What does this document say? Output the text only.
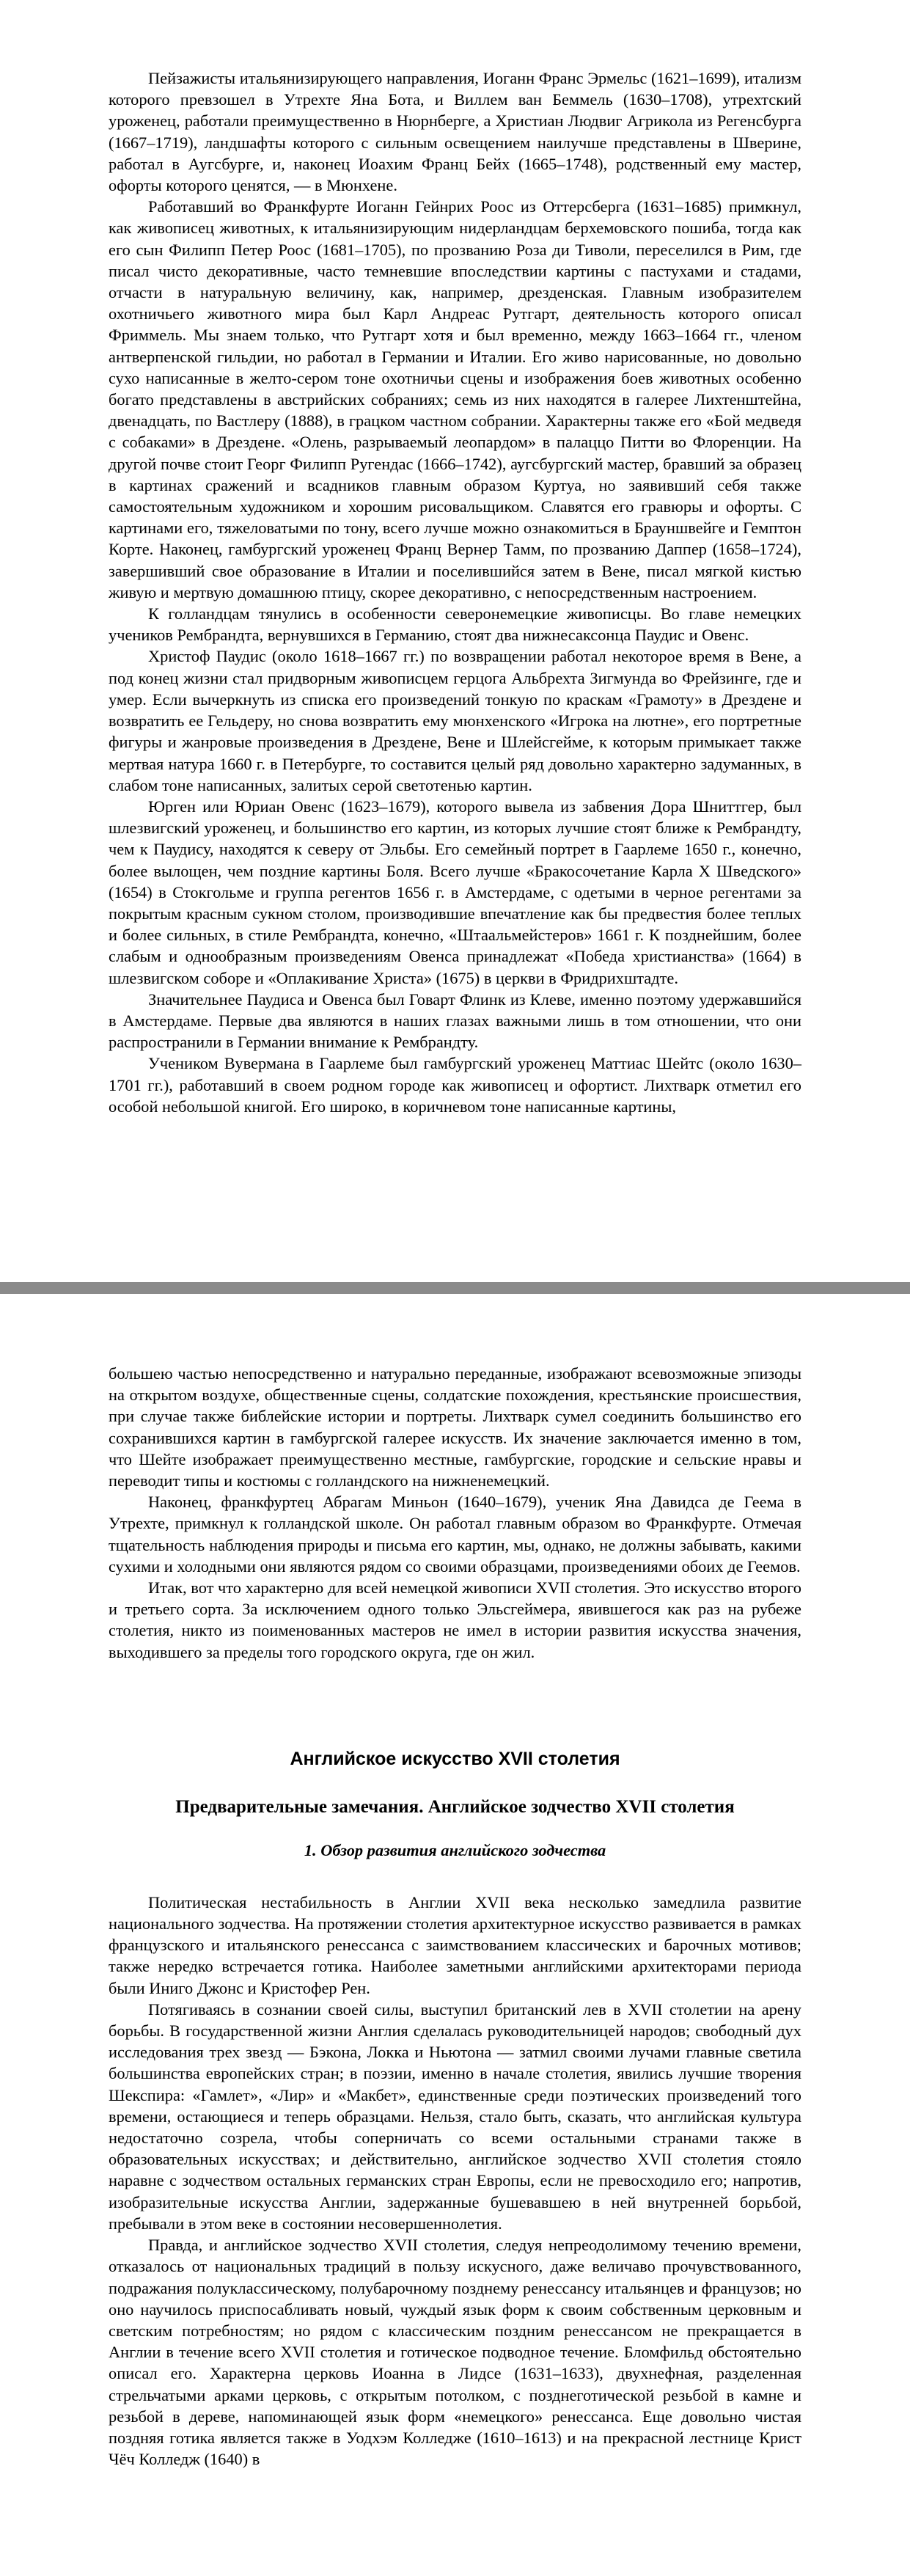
Пейзажисты итальянизирующего направления, Иоганн Франс Эрмельс (1621–1699), итализм которого превзошел в Утрехте Яна Бота, и Виллем ван Беммель (1630–1708), утрехтский уроженец, работали преимущественно в Нюрнберге, а Христиан Людвиг Агрикола из Регенсбурга (1667–1719), ландшафты которого с сильным освещением наилучше представлены в Шверине, работал в Аугсбурге, и, наконец Иоахим Франц Бейх (1665–1748), родственный ему мастер, офорты которого ценятся, — в Мюнхене.

Работавший во Франкфурте Иоганн Гейнрих Роос из Оттерсберга (1631–1685) примкнул, как живописец животных, к итальянизирующим нидерландцам берхемовского пошиба, тогда как его сын Филипп Петер Роос (1681–1705), по прозванию Роза ди Тиволи, переселился в Рим, где писал чисто декоративные, часто темневшие впоследствии картины с пастухами и стадами, отчасти в натуральную величину, как, например, дрезденская. Главным изобразителем охотничьего животного мира был Карл Андреас Рутгарт, деятельность которого описал Фриммель. Мы знаем только, что Рутгарт хотя и был временно, между 1663–1664 гг., членом антверпенской гильдии, но работал в Германии и Италии. Его живо нарисованные, но довольно сухо написанные в желто-сером тоне охотничьи сцены и изображения боев животных особенно богато представлены в австрийских собраниях; семь из них находятся в галерее Лихтенштейна, двенадцать, по Вастлеру (1888), в грацком частном собрании. Характерны также его «Бой медведя с собаками» в Дрездене. «Олень, разрываемый леопардом» в палаццо Питти во Флоренции. На другой почве стоит Георг Филипп Ругендас (1666–1742), аугсбургский мастер, бравший за образец в картинах сражений и всадников главным образом Куртуа, но заявивший себя также самостоятельным художником и хорошим рисовальщиком. Славятся его гравюры и офорты. С картинами его, тяжеловатыми по тону, всего лучше можно ознакомиться в Брауншвейге и Гемптон Корте. Наконец, гамбургский уроженец Франц Вернер Тамм, по прозванию Даппер (1658–1724), завершивший свое образование в Италии и поселившийся затем в Вене, писал мягкой кистью живую и мертвую домашнюю птицу, скорее декоративно, с непосредственным настроением.

К голландцам тянулись в особенности северонемецкие живописцы. Во главе немецких учеников Рембрандта, вернувшихся в Германию, стоят два нижнесаксонца Паудис и Овенс.

Христоф Паудис (около 1618–1667 гг.) по возвращении работал некоторое время в Вене, а под конец жизни стал придворным живописцем герцога Альбрехта Зигмунда во Фрейзинге, где и умер. Если вычеркнуть из списка его произведений тонкую по краскам «Грамоту» в Дрездене и возвратить ее Гельдеру, но снова возвратить ему мюнхенского «Игрока на лютне», его портретные фигуры и жанровые произведения в Дрездене, Вене и Шлейсгейме, к которым примыкает также мертвая натура 1660 г. в Петербурге, то составится целый ряд довольно характерно задуманных, в слабом тоне написанных, залитых серой светотенью картин.

Юрген или Юриан Овенс (1623–1679), которого вывела из забвения Дора Шниттгер, был шлезвигский уроженец, и большинство его картин, из которых лучшие стоят ближе к Рембрандту, чем к Паудису, находятся к северу от Эльбы. Его семейный портрет в Гаарлеме 1650 г., конечно, более вылощен, чем поздние картины Боля. Всего лучше «Бракосочетание Карла X Шведского» (1654) в Стокгольме и группа регентов 1656 г. в Амстердаме, с одетыми в черное регентами за покрытым красным сукном столом, производившие впечатление как бы предвестия более теплых и более сильных, в стиле Рембрандта, конечно, «Штаальмейстеров» 1661 г. К позднейшим, более слабым и однообразным произведениям Овенса принадлежат «Победа христианства» (1664) в шлезвигском соборе и «Оплакивание Христа» (1675) в церкви в Фридрихштадте.

Значительнее Паудиса и Овенса был Говарт Флинк из Клеве, именно поэтому удержавшийся в Амстердаме. Первые два являются в наших глазах важными лишь в том отношении, что они распространили в Германии внимание к Рембрандту.

Учеником Вувермана в Гаарлеме был гамбургский уроженец Маттиас Шейтс (около 1630–1701 гг.), работавший в своем родном городе как живописец и офортист. Лихтварк отметил его особой небольшой книгой. Его широко, в коричневом тоне написанные картины,

большею частью непосредственно и натурально переданные, изображают всевозможные эпизоды на открытом воздухе, общественные сцены, солдатские похождения, крестьянские происшествия, при случае также библейские истории и портреты. Лихтварк сумел соединить большинство его сохранившихся картин в гамбургской галерее искусств. Их значение заключается именно в том, что Шейте изображает преимущественно местные, гамбургские, городские и сельские нравы и переводит типы и костюмы с голландского на нижненемецкий.

Наконец, франкфуртец Абрагам Миньон (1640–1679), ученик Яна Давидса де Геема в Утрехте, примкнул к голландской школе. Он работал главным образом во Франкфурте. Отмечая тщательность наблюдения природы и письма его картин, мы, однако, не должны забывать, какими сухими и холодными они являются рядом со своими образцами, произведениями обоих де Геемов.

Итак, вот что характерно для всей немецкой живописи XVII столетия. Это искусство второго и третьего сорта. За исключением одного только Эльсгеймера, явившегося как раз на рубеже столетия, никто из поименованных мастеров не имел в истории развития искусства значения, выходившего за пределы того городского округа, где он жил.

Английское искусство XVII столетия
Предварительные замечания. Английское зодчество XVII столетия
1. Обзор развития английского зодчества

Политическая нестабильность в Англии XVII века несколько замедлила развитие национального зодчества. На протяжении столетия архитектурное искусство развивается в рамках французского и итальянского ренессанса с заимствованием классических и барочных мотивов; также нередко встречается готика. Наиболее заметными английскими архитекторами периода были Иниго Джонс и Кристофер Рен.

Потягиваясь в сознании своей силы, выступил британский лев в XVII столетии на арену борьбы. В государственной жизни Англия сделалась руководительницей народов; свободный дух исследования трех звезд — Бэкона, Локка и Ньютона — затмил своими лучами главные светила большинства европейских стран; в поэзии, именно в начале столетия, явились лучшие творения Шекспира: «Гамлет», «Лир» и «Макбет», единственные среди поэтических произведений того времени, остающиеся и теперь образцами. Нельзя, стало быть, сказать, что английская культура недостаточно созрела, чтобы соперничать со всеми остальными странами также в образовательных искусствах; и действительно, английское зодчество XVII столетия стояло наравне с зодчеством остальных германских стран Европы, если не превосходило его; напротив, изобразительные искусства Англии, задержанные бушевавшею в ней внутренней борьбой, пребывали в этом веке в состоянии несовершеннолетия.

Правда, и английское зодчество XVII столетия, следуя непреодолимому течению времени, отказалось от национальных традиций в пользу искусного, даже величаво прочувствованного, подражания полуклассическому, полубарочному позднему ренессансу итальянцев и французов; но оно научилось приспосабливать новый, чуждый язык форм к своим собственным церковным и светским потребностям; но рядом с классическим поздним ренессансом не прекращается в Англии в течение всего XVII столетия и готическое подводное течение. Бломфильд обстоятельно описал его. Характерна церковь Иоанна в Лидсе (1631–1633), двухнефная, разделенная стрельчатыми арками церковь, с открытым потолком, с позднеготической резьбой в камне и резьбой в дереве, напоминающей язык форм «немецкого» ренессанса. Еще довольно чистая поздняя готика является также в Уодхэм Колледже (1610–1613) и на прекрасной лестнице Крист Чёч Колледж (1640) в
